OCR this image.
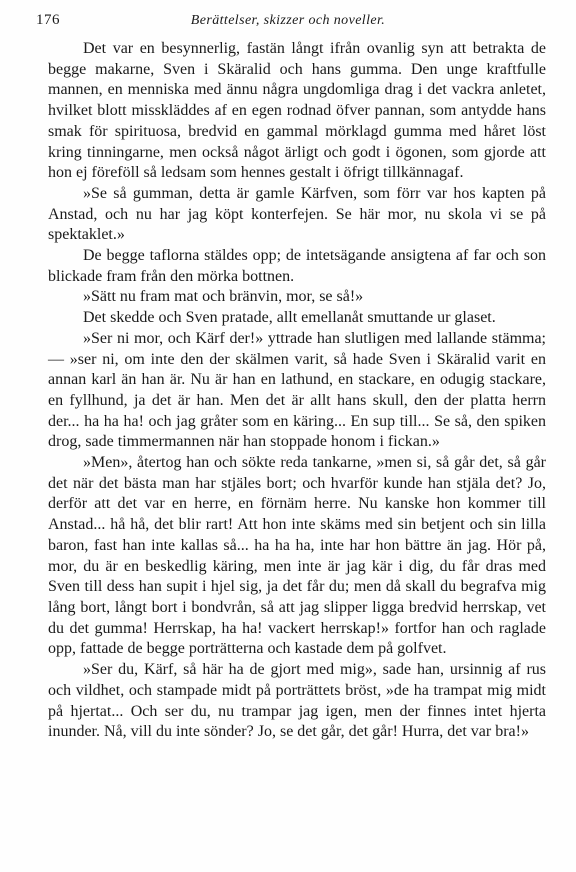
176	Berättelser, skizzer och noveller.

Det var en besynnerlig, fastän långt ifrån ovanlig syn att betrakta de begge makarne, Sven i Skäralid och hans gumma. Den unge kraftfulle mannen, en menniska med ännu några ungdomliga drag i det vackra anletet, hvilket blott misskläddes af en egen rodnad öfver pannan, som antydde hans smak för spirituosa, bredvid en gammal mörklagd gumma med håret löst kring tinningarne, men också något ärligt och godt i ögonen, som gjorde att hon ej föreföll så ledsam som hennes gestalt i öfrigt tillkännagaf.

»Se så gumman, detta är gamle Kärfven, som förr var hos kapten på Anstad, och nu har jag köpt konterfejen. Se här mor, nu skola vi se på spektaklet.»

De begge taflorna stäldes opp; de intetsägande ansigtena af far och son blickade fram från den mörka bottnen.

»Sätt nu fram mat och bränvin, mor, se så!»

Det skedde och Sven pratade, allt emellanåt smuttande ur glaset.

»Ser ni mor, och Kärf der!» yttrade han slutligen med lallande stämma; — »ser ni, om inte den der skälmen varit, så hade Sven i Skäralid varit en annan karl än han är. Nu är han en lathund, en stackare, en odugig stackare, en fyllhund, ja det är han. Men det är allt hans skull, den der platta herrn der... ha ha ha! och jag gråter som en käring... En sup till... Se så, den spiken drog, sade timmermannen när han stoppade honom i fickan.»

»Men», återtog han och sökte reda tankarne, »men si, så går det, så går det när det bästa man har stjäles bort; och hvarför kunde han stjäla det? Jo, derför att det var en herre, en förnäm herre. Nu kanske hon kommer till Anstad... hå hå, det blir rart! Att hon inte skäms med sin betjent och sin lilla baron, fast han inte kallas så... ha ha ha, inte har hon bättre än jag. Hör på, mor, du är en beskedlig käring, men inte är jag kär i dig, du får dras med Sven till dess han supit i hjel sig, ja det får du; men då skall du begrafva mig lång bort, långt bort i bondvrån, så att jag slipper ligga bredvid herrskap, vet du det gumma! Herrskap, ha ha! vackert herrskap!» fortfor han och raglade opp, fattade de begge porträtterna och kastade dem på golfvet.

»Ser du, Kärf, så här ha de gjort med mig», sade han, ursinnig af rus och vildhet, och stampade midt på porträttets bröst, »de ha trampat mig midt på hjertat... Och ser du, nu trampar jag igen, men der finnes intet hjerta inunder. Nå, vill du inte sönder? Jo, se det går, det går! Hurra, det var bra!»
